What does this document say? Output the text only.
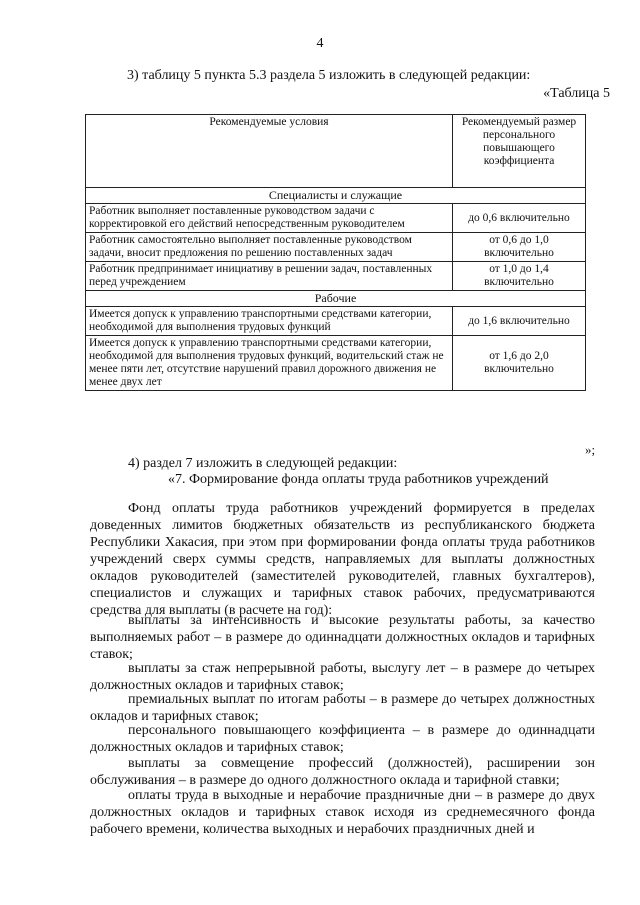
4
3) таблицу 5 пункта 5.3 раздела 5 изложить в следующей редакции:
«Таблица 5
Рекомендуемые условия	Рекомендуемый размер персонального повышающего коэффициента
Специалисты и служащие	
Работник выполняет поставленные руководством задачи с корректировкой его действий непосредственным руководителем	до 0,6 включительно
Работник самостоятельно выполняет поставленные руководством задачи, вносит предложения по решению поставленных задач	от 0,6 до 1,0 включительно
Работник предпринимает инициативу в решении задач, поставленных перед учреждением	от 1,0 до 1,4 включительно
Рабочие	
Имеется допуск к управлению транспортными средствами категории, необходимой для выполнения трудовых функций	до 1,6 включительно
Имеется допуск к управлению транспортными средствами категории, необходимой для выполнения трудовых функций, водительский стаж не менее пяти лет, отсутствие нарушений правил дорожного движения не менее двух лет	от 1,6 до 2,0 включительно
»;
4) раздел 7 изложить в следующей редакции:
«7. Формирование фонда оплаты труда работников учреждений
Фонд оплаты труда работников учреждений формируется в пределах доведенных лимитов бюджетных обязательств из республиканского бюджета Республики Хакасия, при этом при формировании фонда оплаты труда работников учреждений сверх суммы средств, направляемых для выплаты должностных окладов руководителей (заместителей руководителей, главных бухгалтеров), специалистов и служащих и тарифных ставок рабочих, предусматриваются средства для выплаты (в расчете на год):
выплаты за интенсивность и высокие результаты работы, за качество выполняемых работ – в размере до одиннадцати должностных окладов и тарифных ставок;
выплаты за стаж непрерывной работы, выслугу лет – в размере до четырех должностных окладов и тарифных ставок;
премиальных выплат по итогам работы – в размере до четырех должностных окладов и тарифных ставок;
персонального повышающего коэффициента – в размере до одиннадцати должностных окладов и тарифных ставок;
выплаты за совмещение профессий (должностей), расширении зон обслуживания – в размере до одного должностного оклада и тарифной ставки;
оплаты труда в выходные и нерабочие праздничные дни – в размере до двух должностных окладов и тарифных ставок исходя из среднемесячного фонда рабочего времени, количества выходных и нерабочих праздничных дней и
